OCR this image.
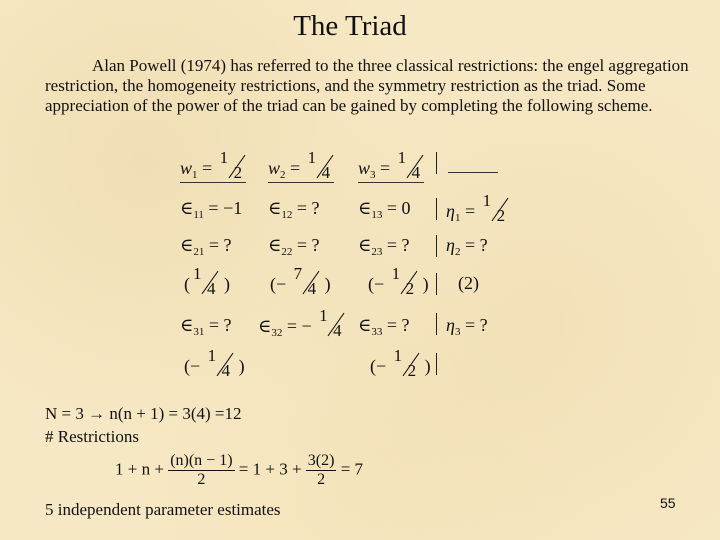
The Triad
Alan Powell (1974) has referred to the three classical restrictions: the engel aggregation restriction, the homogeneity restrictions, and the symmetry restriction as the triad. Some appreciation of the power of the triad can be gained by completing the following scheme.
$w_1$ =
1
2 $w_2$ =
1
4 $w_3$ =
1
4
$\in_{11} = -1$ $\in_{12}$ = ? $\in_{13} = 0$ $\eta_1$ =
1
2
$\in_{21}$ = ? $\in_{22}$ = ? $\in_{23}$ = ? $\eta_2$ = ?
(
1
4 ) (−
7
4 ) (−
1
2 ) (2)
$\in_{31}$ = ? $\in_{32}$ = −
1
4 $\in_{33}$ = ? $\eta_3$ = ?
(−
1
4 )	(−
1
2 )
N = 3 → n(n + 1) = 3(4) =12
# Restrictions
$1 + n + \frac{(n)(n - 1)}{2} = 1 + 3 + \frac{3(2)}{2} = 7$
5 independent parameter estimates	55
